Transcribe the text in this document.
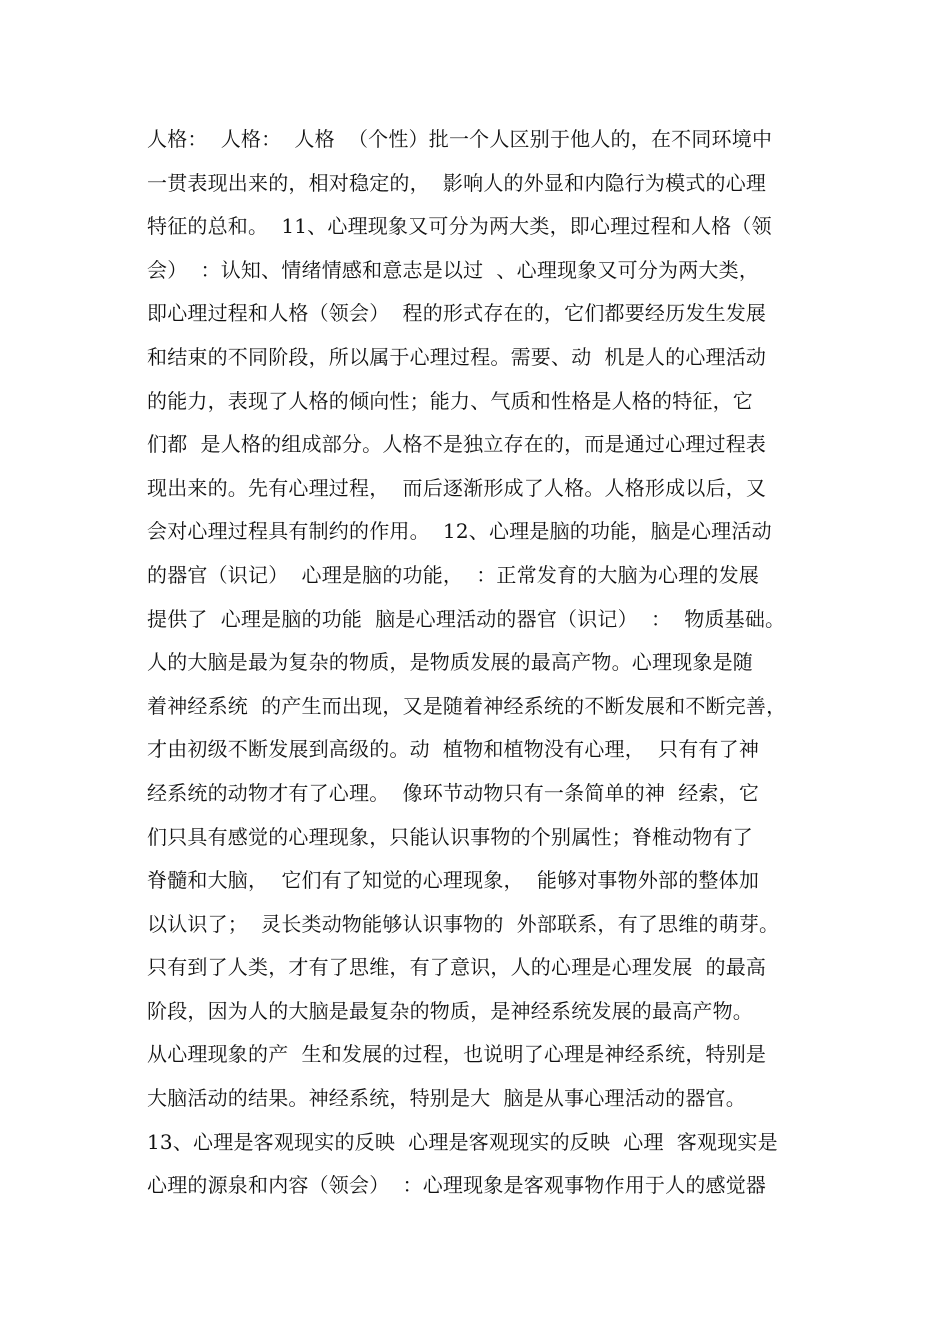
人格：  人格：  人格  （个性）批一个人区别于他人的，在不同环境中
一贯表现出来的，相对稳定的，  影响人的外显和内隐行为模式的心理
特征的总和。  11、心理现象又可分为两大类，即心理过程和人格（领
会）  ：认知、情绪情感和意志是以过  、心理现象又可分为两大类，
即心理过程和人格（领会）  程的形式存在的，它们都要经历发生发展
和结束的不同阶段，所以属于心理过程。需要、动  机是人的心理活动
的能力，表现了人格的倾向性；能力、气质和性格是人格的特征，它
们都  是人格的组成部分。人格不是独立存在的，而是通过心理过程表
现出来的。先有心理过程，  而后逐渐形成了人格。人格形成以后，又
会对心理过程具有制约的作用。  12、心理是脑的功能，脑是心理活动
的器官（识记）  心理是脑的功能，  ：正常发育的大脑为心理的发展
提供了  心理是脑的功能  脑是心理活动的器官（识记）  ：  物质基础。
人的大脑是最为复杂的物质，是物质发展的最高产物。心理现象是随
着神经系统  的产生而出现，又是随着神经系统的不断发展和不断完善，
才由初级不断发展到高级的。动  植物和植物没有心理，  只有有了神
经系统的动物才有了心理。  像环节动物只有一条简单的神  经索，它
们只具有感觉的心理现象，只能认识事物的个别属性；脊椎动物有了
脊髓和大脑，  它们有了知觉的心理现象，  能够对事物外部的整体加
以认识了；  灵长类动物能够认识事物的  外部联系，有了思维的萌芽。
只有到了人类，才有了思维，有了意识，人的心理是心理发展  的最高
阶段，因为人的大脑是最复杂的物质，是神经系统发展的最高产物。
从心理现象的产  生和发展的过程，也说明了心理是神经系统，特别是
大脑活动的结果。神经系统，特别是大  脑是从事心理活动的器官。
13、心理是客观现实的反映  心理是客观现实的反映  心理  客观现实是
心理的源泉和内容（领会）  ：心理现象是客观事物作用于人的感觉器
